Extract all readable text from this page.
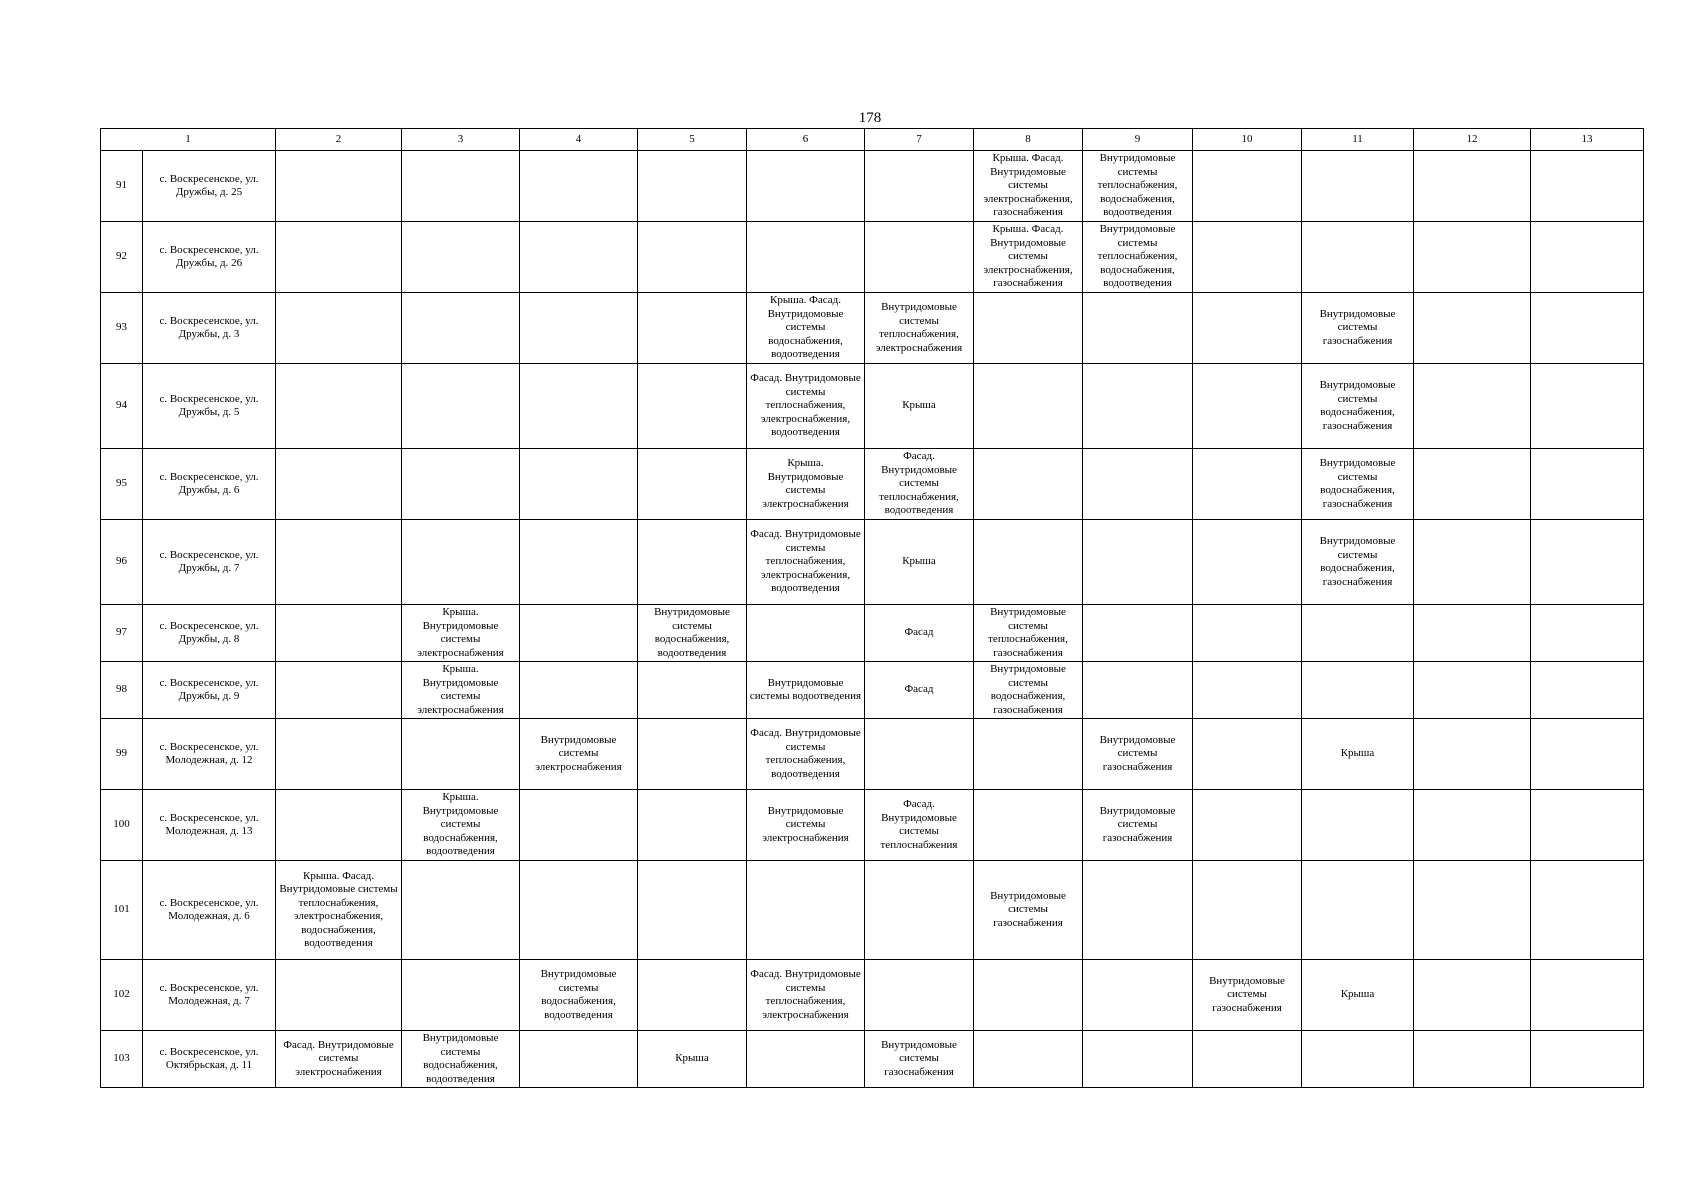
178
1		2	3	4	5	6	7	8	9	10	11	12	13
91	с. Воскресенское, ул. Дружбы, д. 25							Крыша. Фасад. Внутридомовые системы электроснабжения, газоснабжения	Внутридомовые системы теплоснабжения, водоснабжения, водоотведения				
92	с. Воскресенское, ул. Дружбы, д. 26							Крыша. Фасад. Внутридомовые системы электроснабжения, газоснабжения	Внутридомовые системы теплоснабжения, водоснабжения, водоотведения				
93	с. Воскресенское, ул. Дружбы, д. 3					Крыша. Фасад. Внутридомовые системы водоснабжения, водоотведения	Внутридомовые системы теплоснабжения, электроснабжения				Внутридомовые системы газоснабжения		
94	с. Воскресенское, ул. Дружбы, д. 5					Фасад. Внутридомовые системы теплоснабжения, электроснабжения, водоотведения	Крыша				Внутридомовые системы водоснабжения, газоснабжения		
95	с. Воскресенское, ул. Дружбы, д. 6					Крыша. Внутридомовые системы электроснабжения	Фасад. Внутридомовые системы теплоснабжения, водоотведения				Внутридомовые системы водоснабжения, газоснабжения		
96	с. Воскресенское, ул. Дружбы, д. 7					Фасад. Внутридомовые системы теплоснабжения, электроснабжения, водоотведения	Крыша				Внутридомовые системы водоснабжения, газоснабжения		
97	с. Воскресенское, ул. Дружбы, д. 8		Крыша. Внутридомовые системы электроснабжения		Внутридомовые системы водоснабжения, водоотведения		Фасад	Внутридомовые системы теплоснабжения, газоснабжения					
98	с. Воскресенское, ул. Дружбы, д. 9		Крыша. Внутридомовые системы электроснабжения			Внутридомовые системы водоотведения	Фасад	Внутридомовые системы водоснабжения, газоснабжения					
99	с. Воскресенское, ул. Молодежная, д. 12			Внутридомовые системы электроснабжения		Фасад. Внутридомовые системы теплоснабжения, водоотведения			Внутридомовые системы газоснабжения		Крыша		
100	с. Воскресенское, ул. Молодежная, д. 13		Крыша. Внутридомовые системы водоснабжения, водоотведения			Внутридомовые системы электроснабжения	Фасад. Внутридомовые системы теплоснабжения		Внутридомовые системы газоснабжения				
101	с. Воскресенское, ул. Молодежная, д. 6	Крыша. Фасад. Внутридомовые системы теплоснабжения, электроснабжения, водоснабжения, водоотведения						Внутридомовые системы газоснабжения					
102	с. Воскресенское, ул. Молодежная, д. 7			Внутридомовые системы водоснабжения, водоотведения		Фасад. Внутридомовые системы теплоснабжения, электроснабжения				Внутридомовые системы газоснабжения	Крыша		
103	с. Воскресенское, ул. Октябрьская, д. 11	Фасад. Внутридомовые системы электроснабжения	Внутридомовые системы водоснабжения, водоотведения		Крыша		Внутридомовые системы газоснабжения						
